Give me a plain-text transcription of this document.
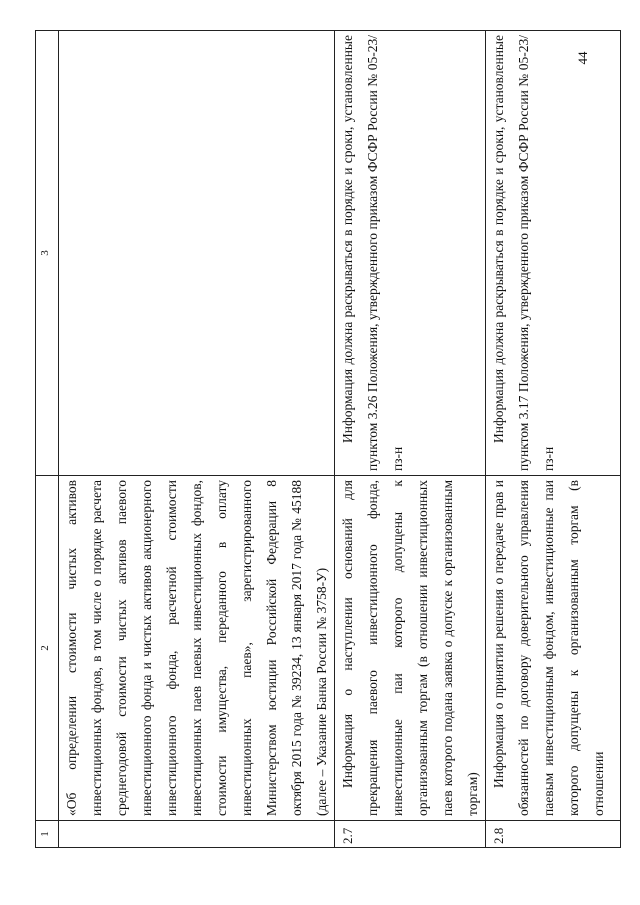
44
1	2	3
	«Об определении стоимости чистых активов инвестиционных фондов, в том числе о порядке расчета среднегодовой стоимости чистых активов паевого инвестиционного фонда и чистых активов акционерного инвестиционного фонда, расчетной стоимости инвестиционных паев паевых инвестиционных фондов, стоимости имущества, переданного в оплату инвестиционных паев», зарегистрированного Министерством юстиции Российской Федерации 8 октября 2015 года № 39234, 13 января 2017 года № 45188 (далее – Указание Банка России № 3758-У)	
2.7	Информация о наступлении оснований для прекращения паевого инвестиционного фонда, инвестиционные паи которого допущены к организованным торгам (в отношении инвестиционных паев которого подана заявка о допуске к организованным торгам)	Информация должна раскрываться в порядке и сроки, установленные пунктом 3.26 Положения, утвержденного приказом ФСФР России № 05-23/пз-н
2.8	Информация о принятии решения о передаче прав и обязанностей по договору доверительного управления паевым инвестиционным фондом, инвестиционные паи которого допущены к организованным торгам (в отношении	Информация должна раскрываться в порядке и сроки, установленные пунктом 3.17 Положения, утвержденного приказом ФСФР России № 05-23/пз-н
